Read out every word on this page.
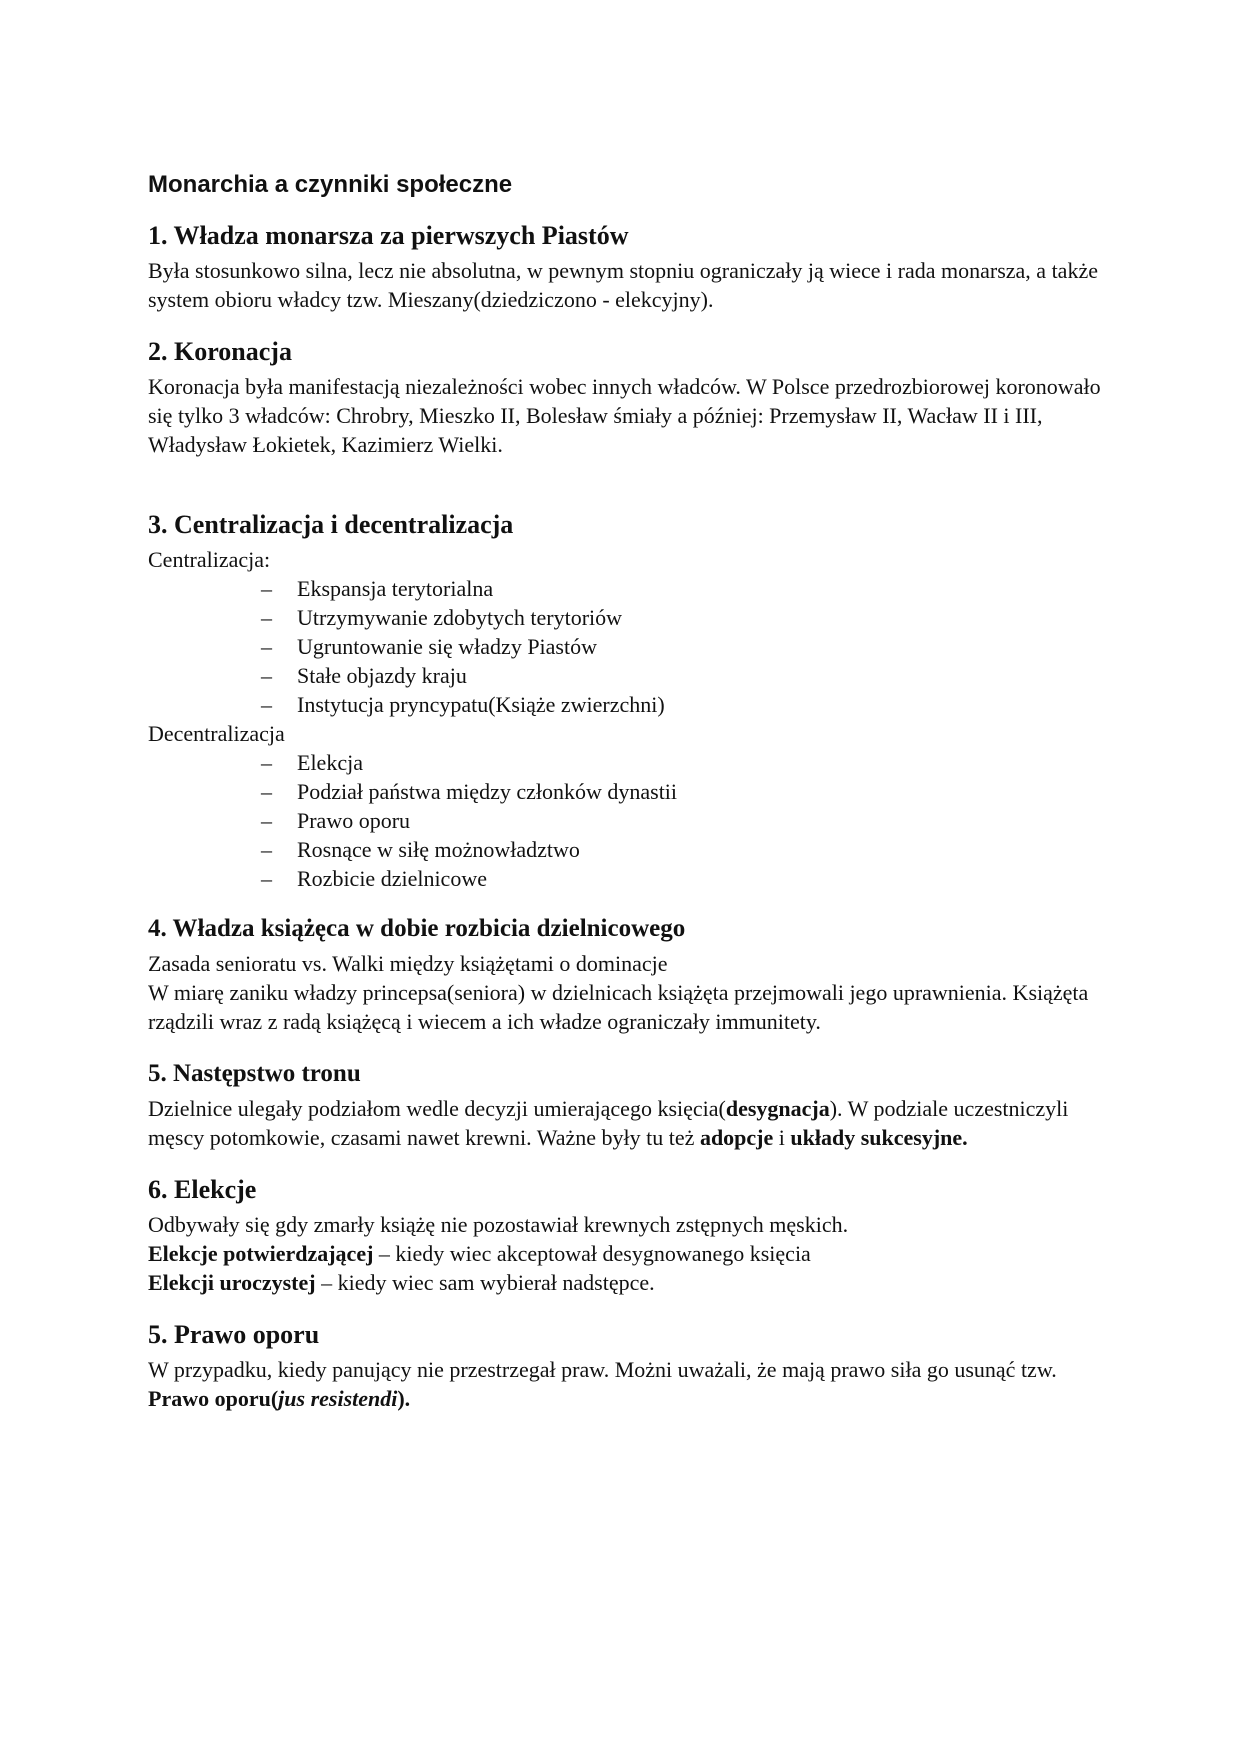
Monarchia a czynniki społeczne
1. Władza monarsza za pierwszych Piastów

Była stosunkowo silna, lecz nie absolutna, w pewnym stopniu ograniczały ją wiece i rada monarsza, a także system obioru władcy tzw. Mieszany(dziedziczono - elekcyjny).

2. Koronacja

Koronacja była manifestacją niezależności wobec innych władców. W Polsce przedrozbiorowej koronowało się tylko 3 władców: Chrobry, Mieszko II, Bolesław śmiały a później: Przemysław II, Wacław II i III, Władysław Łokietek, Kazimierz Wielki.

3. Centralizacja i decentralizacja

Centralizacja:

– Ekspansja terytorialna
– Utrzymywanie zdobytych terytoriów
– Ugruntowanie się władzy Piastów
– Stałe objazdy kraju
– Instytucja pryncypatu(Książe zwierzchni)

Decentralizacja

– Elekcja
– Podział państwa między członków dynastii
– Prawo oporu
– Rosnące w siłę możnowładztwo
– Rozbicie dzielnicowe
4. Władza książęca w dobie rozbicia dzielnicowego

Zasada senioratu vs. Walki między książętami o dominacje

W miarę zaniku władzy princepsa(seniora) w dzielnicach książęta przejmowali jego uprawnienia. Książęta rządzili wraz z radą książęcą i wiecem a ich władze ograniczały immunitety.

5. Następstwo tronu

Dzielnice ulegały podziałom wedle decyzji umierającego księcia(desygnacja). W podziale uczestniczyli męscy potomkowie, czasami nawet krewni. Ważne były tu też adopcje i układy sukcesyjne.

6. Elekcje

Odbywały się gdy zmarły książę nie pozostawiał krewnych zstępnych męskich.

Elekcje potwierdzającej – kiedy wiec akceptował desygnowanego księcia

Elekcji uroczystej – kiedy wiec sam wybierał nadstępce.

5. Prawo oporu

W przypadku, kiedy panujący nie przestrzegał praw. Możni uważali, że mają prawo siła go usunąć tzw. Prawo oporu(jus resistendi).
